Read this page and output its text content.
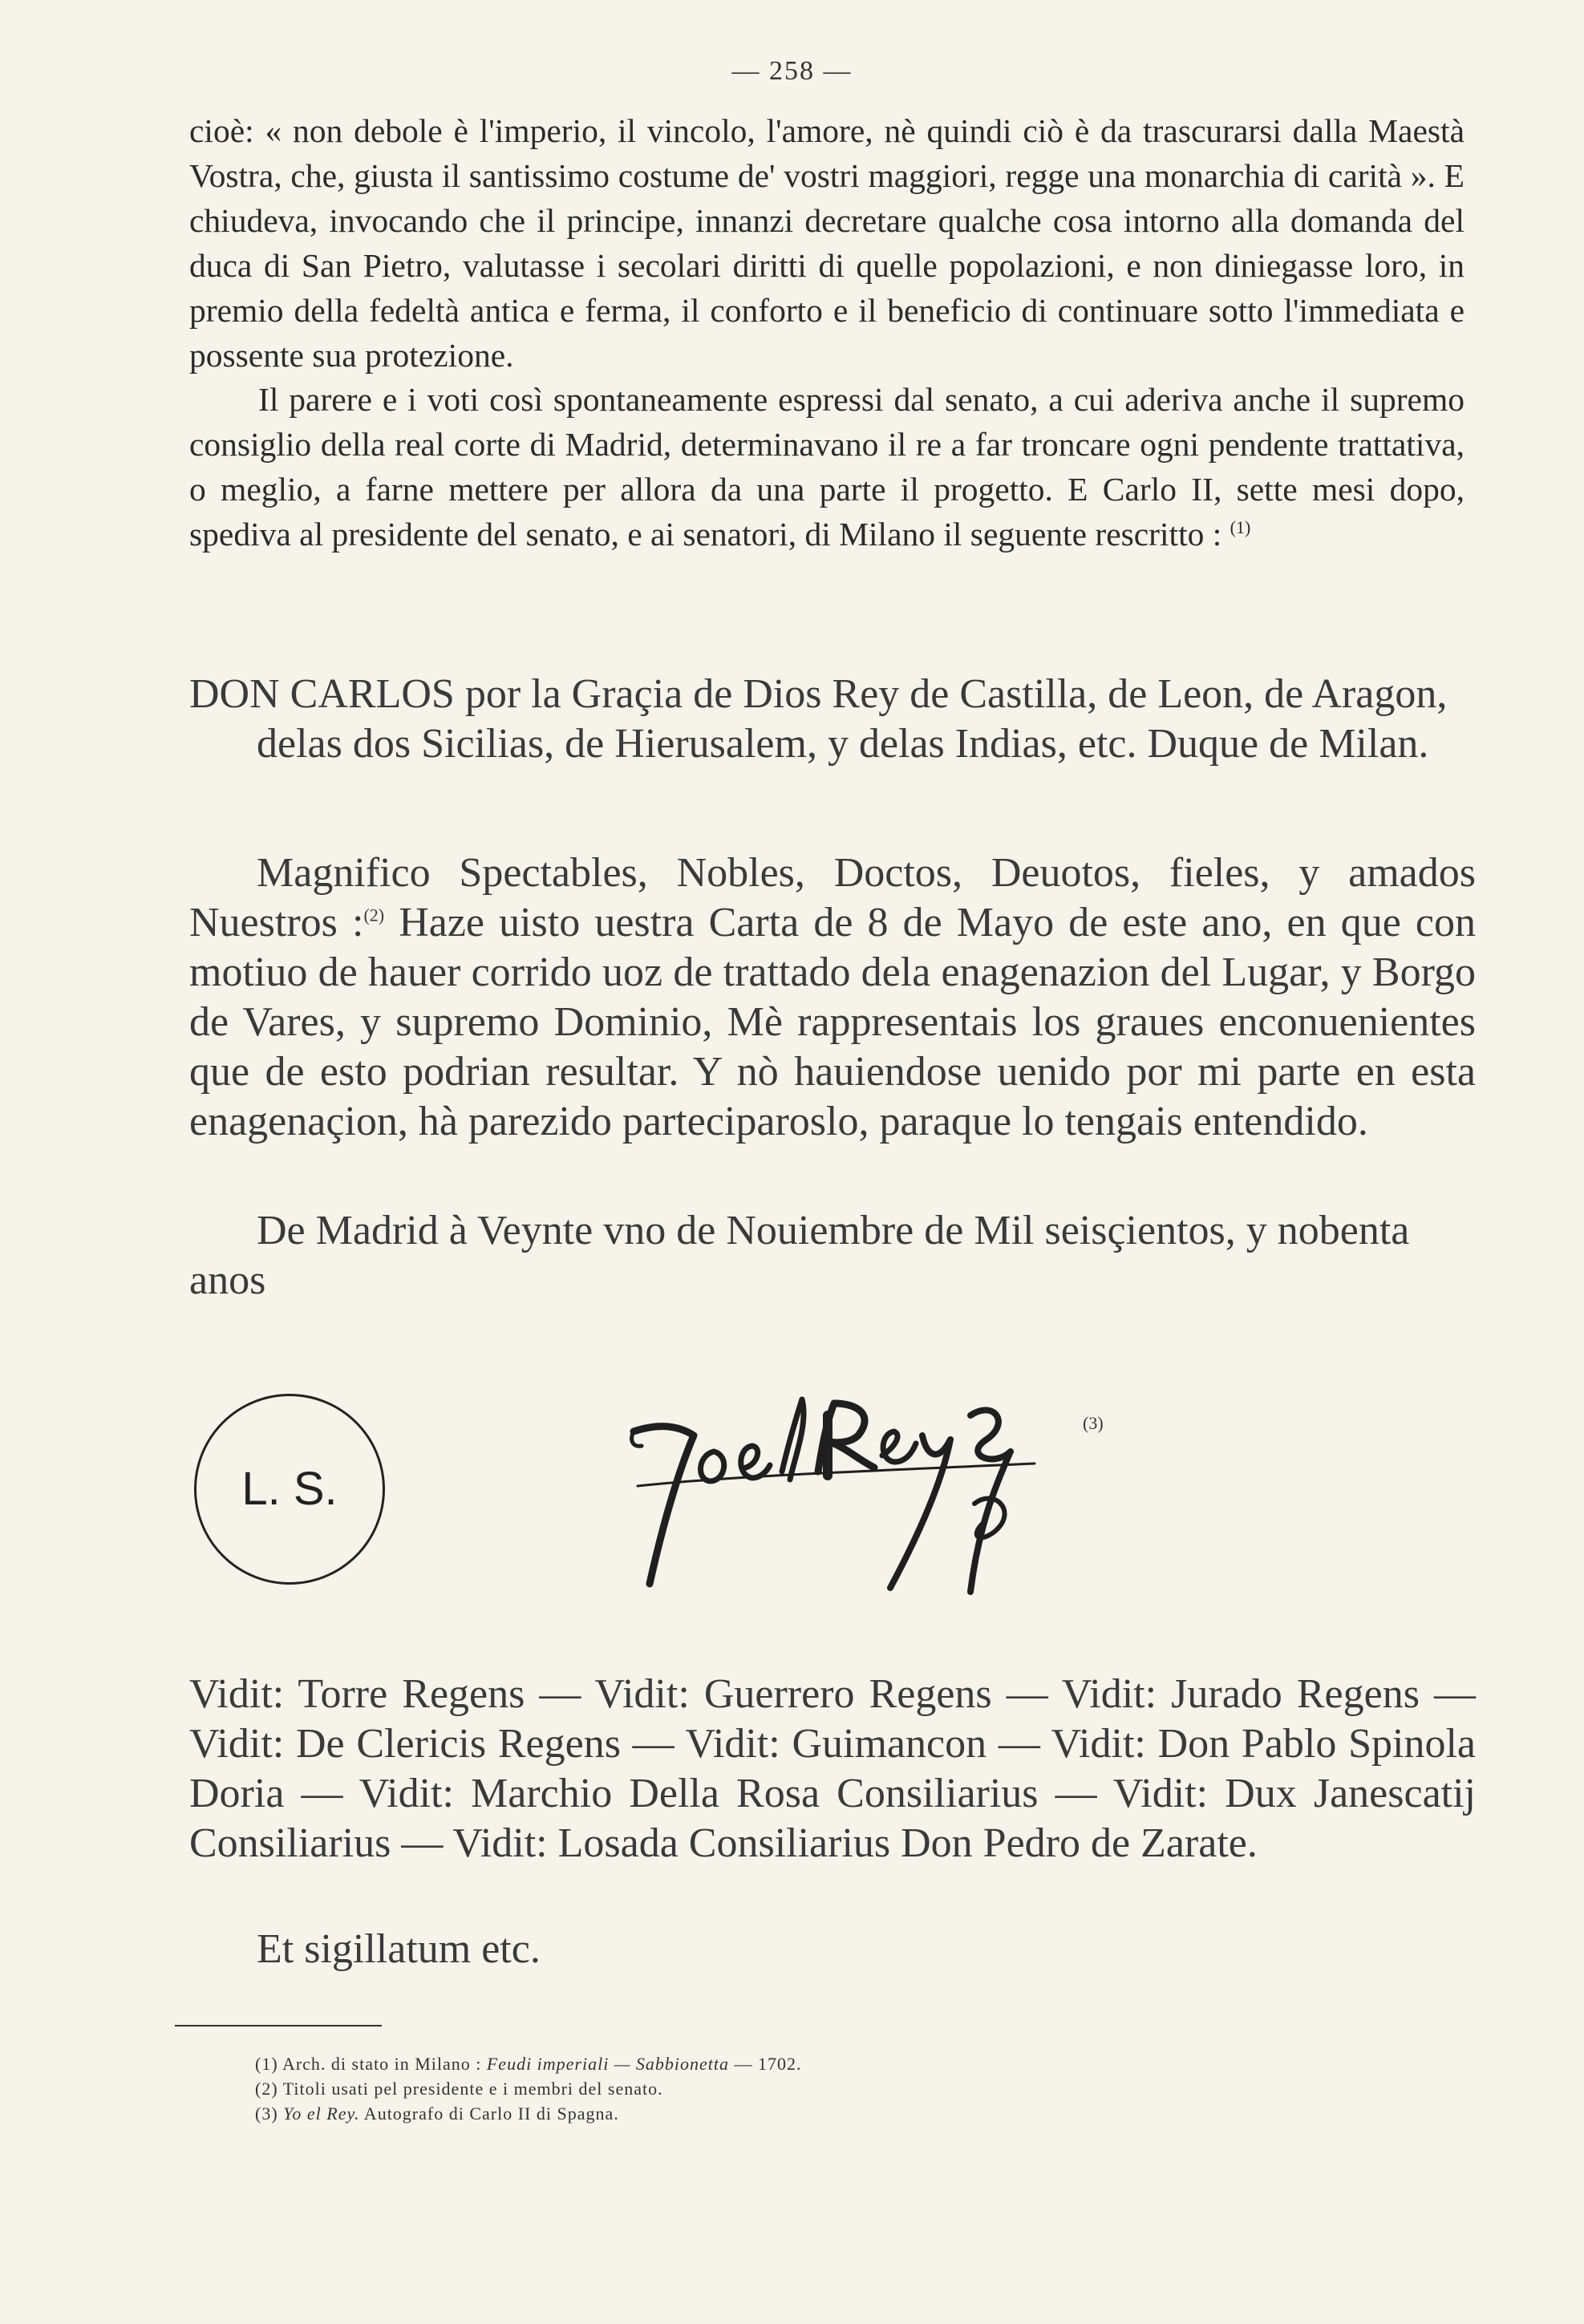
— 258 —
cioè: « non debole è l'imperio, il vincolo, l'amore, nè quindi ciò è da trascurarsi dalla Maestà Vostra, che, giusta il santissimo costume de' vostri maggiori, regge una monarchia di carità ». E chiudeva, invocando che il principe, innanzi decretare qualche cosa intorno alla domanda del duca di San Pietro, valutasse i secolari diritti di quelle popolazioni, e non diniegasse loro, in premio della fedeltà antica e ferma, il conforto e il beneficio di continuare sotto l'immediata e possente sua protezione.
Il parere e i voti così spontaneamente espressi dal senato, a cui aderiva anche il supremo consiglio della real corte di Madrid, determinavano il re a far troncare ogni pendente trattativa, o meglio, a farne mettere per allora da una parte il progetto. E Carlo II, sette mesi dopo, spediva al presidente del senato, e ai senatori, di Milano il seguente rescritto : $^{(1)}$
DON CARLOS por la Graçia de Dios Rey de Castilla, de Leon, de Aragon, delas dos Sicilias, de Hierusalem, y delas Indias, etc. Duque de Milan.
Magnifico Spectables, Nobles, Doctos, Deuotos, fieles, y amados Nuestros :$^{(2)}$ Haze uisto uestra Carta de 8 de Mayo de este ano, en que con motiuo de hauer corrido uoz de trattado dela enagenazion del Lugar, y Borgo de Vares, y supremo Dominio, Mè rappresentais los graues enconuenientes que de esto podrian resultar. Y nò hauiendose uenido por mi parte en esta enagenaçion, hà parezido parteciparoslo, paraque lo tengais entendido.
De Madrid à Veynte vno de Nouiembre de Mil seisçientos, y nobenta anos
L. S.
(3)
Vidit: Torre Regens — Vidit: Guerrero Regens — Vidit: Jurado Regens — Vidit: De Clericis Regens — Vidit: Guimancon — Vidit: Don Pablo Spinola Doria — Vidit: Marchio Della Rosa Consiliarius — Vidit: Dux Janescatij Consiliarius — Vidit: Losada Consiliarius Don Pedro de Zarate.
Et sigillatum etc.
(1) Arch. di stato in Milano : Feudi imperiali — Sabbionetta — 1702.
(2) Titoli usati pel presidente e i membri del senato.
(3) Yo el Rey. Autografo di Carlo II di Spagna.
